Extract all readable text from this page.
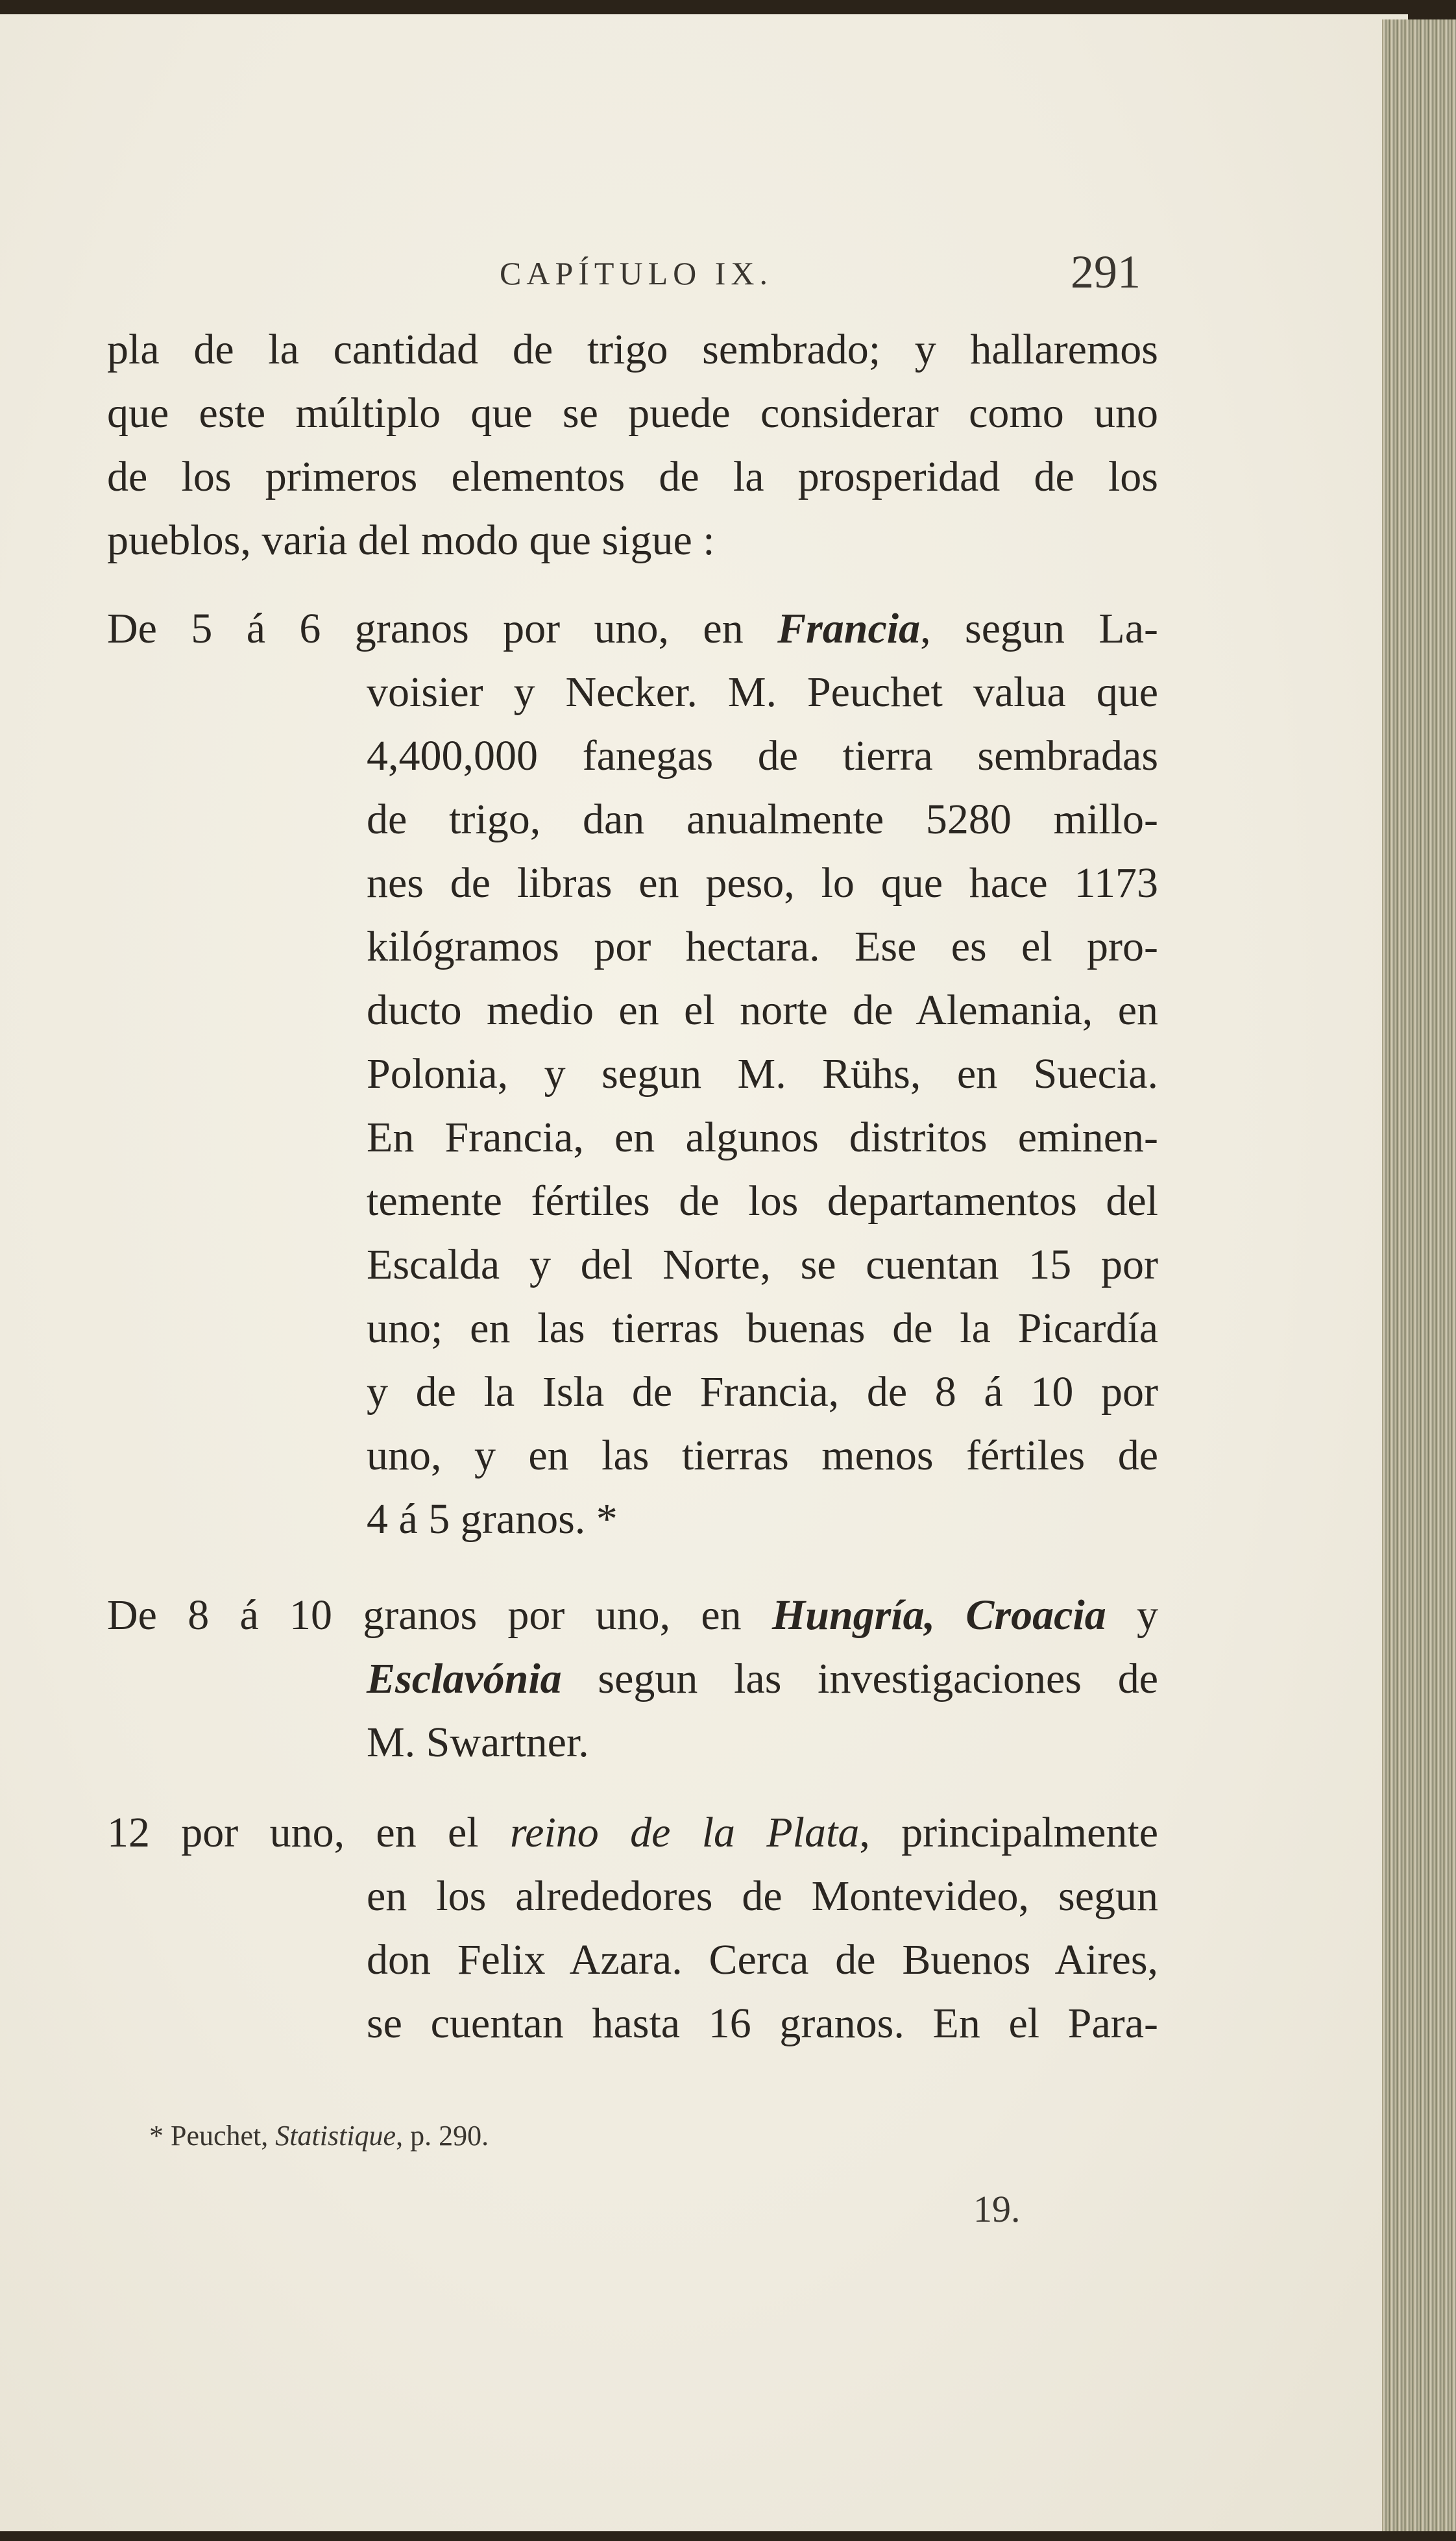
CAPÍTULO IX.	291
pla de la cantidad de trigo sembrado; y hallaremos
que este múltiplo que se puede considerar como uno
de los primeros elementos de la prosperidad de los
pueblos, varia del modo que sigue :
De 5 á 6 granos por uno, en Francia, segun La-
voisier y Necker. M. Peuchet valua que
4,400,000 fanegas de tierra sembradas
de trigo, dan anualmente 5280 millo-
nes de libras en peso, lo que hace 1173
kilógramos por hectara. Ese es el pro-
ducto medio en el norte de Alemania, en
Polonia, y segun M. Rühs, en Suecia.
En Francia, en algunos distritos eminen-
temente fértiles de los departamentos del
Escalda y del Norte, se cuentan 15 por
uno; en las tierras buenas de la Picardía
y de la Isla de Francia, de 8 á 10 por
uno, y en las tierras menos fértiles de
4 á 5 granos. *
De 8 á 10 granos por uno, en Hungría, Croacia y
Esclavónia segun las investigaciones de
M. Swartner.
12 por uno, en el reino de la Plata, principalmente
en los alrededores de Montevideo, segun
don Felix Azara. Cerca de Buenos Aires,
se cuentan hasta 16 granos. En el Para-
* Peuchet, Statistique, p. 290.
19.
